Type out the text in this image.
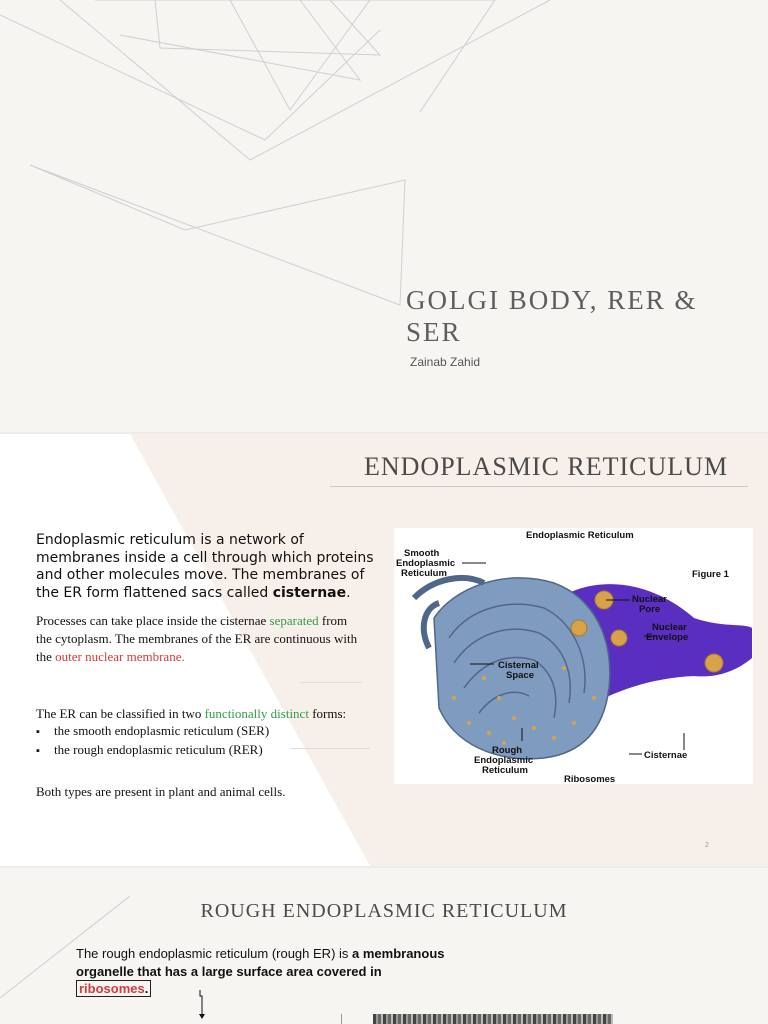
GOLGI BODY, RER & SER
Zainab Zahid
ENDOPLASMIC RETICULUM
Endoplasmic reticulum is a network of membranes inside a cell through which proteins and other molecules move. The membranes of the ER form flattened sacs called cisternae.
Processes can take place inside the cisternae separated from the cytoplasm. The membranes of the ER are continuous with the outer nuclear membrane.
The ER can be classified in two functionally distinct forms:
▪ the smooth endoplasmic reticulum (SER)
▪ the rough endoplasmic reticulum (RER)
Both types are present in plant and animal cells.
2
Endoplasmic Reticulum
Figure 1
Smooth
Endoplasmic
Reticulum
Nuclear
Pore
Nuclear
Envelope
Cisternal
Space
Rough
Endoplasmic
Reticulum
Ribosomes
Cisternae
ROUGH ENDOPLASMIC RETICULUM
The rough endoplasmic reticulum (rough ER) is a membranous organelle that has a large surface area covered in ribosomes.
